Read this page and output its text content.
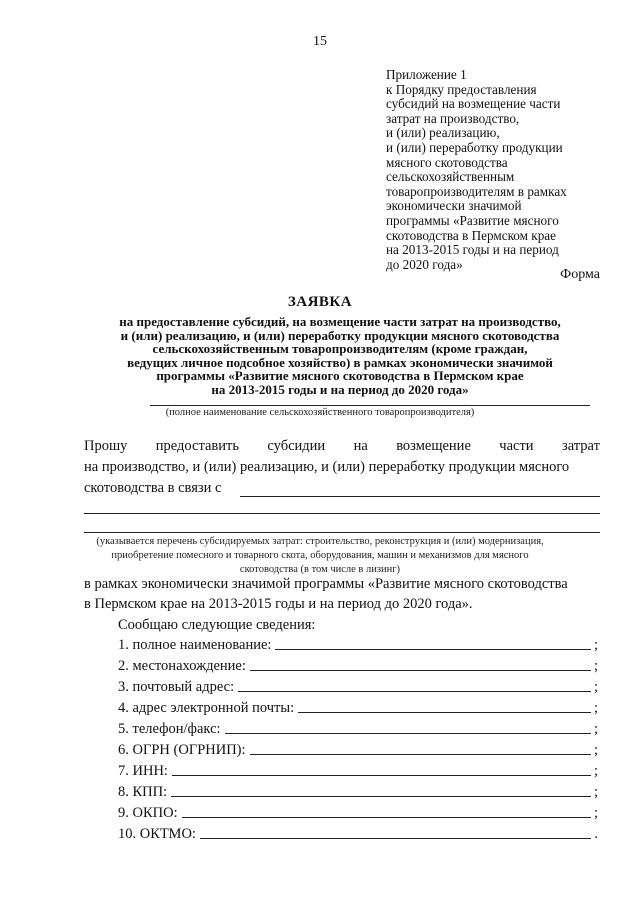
15
Приложение 1
к Порядку предоставления
субсидий на возмещение части
затрат на производство,
и (или) реализацию,
и (или) переработку продукции
мясного скотоводства
сельскохозяйственным
товаропроизводителям в рамках
экономически значимой
программы «Развитие мясного
скотоводства в Пермском крае
на 2013-2015 годы и на период
до 2020 года»
Форма
ЗАЯВКА
на предоставление субсидий, на возмещение части затрат на производство,
и (или) реализацию, и (или) переработку продукции мясного скотоводства
сельскохозяйственным товаропроизводителям (кроме граждан,
ведущих личное подсобное хозяйство) в рамках экономически значимой
программы «Развитие мясного скотоводства в Пермском крае
на 2013-2015 годы и на период до 2020 года»
(полное наименование сельскохозяйственного товаропроизводителя)
Прошу предоставить субсидии на возмещение части затрат
на производство, и (или) реализацию, и (или) переработку продукции мясного
скотоводства в связи с
(указывается перечень субсидируемых затрат: строительство, реконструкция и (или) модернизация,
приобретение помесного и товарного скота, оборудования, машин и механизмов для мясного
скотоводства (в том числе в лизинг)
в рамках экономически значимой программы «Развитие мясного скотоводства
в Пермском крае на 2013-2015 годы и на период до 2020 года».
Сообщаю следующие сведения:
1. полное наименование:	;
2. местонахождение:	;
3. почтовый адрес:	;
4. адрес электронной почты:	;
5. телефон/факс:	;
6. ОГРН (ОГРНИП):	;
7. ИНН:	;
8. КПП:	;
9. ОКПО:	;
10. ОКТМО:	.
